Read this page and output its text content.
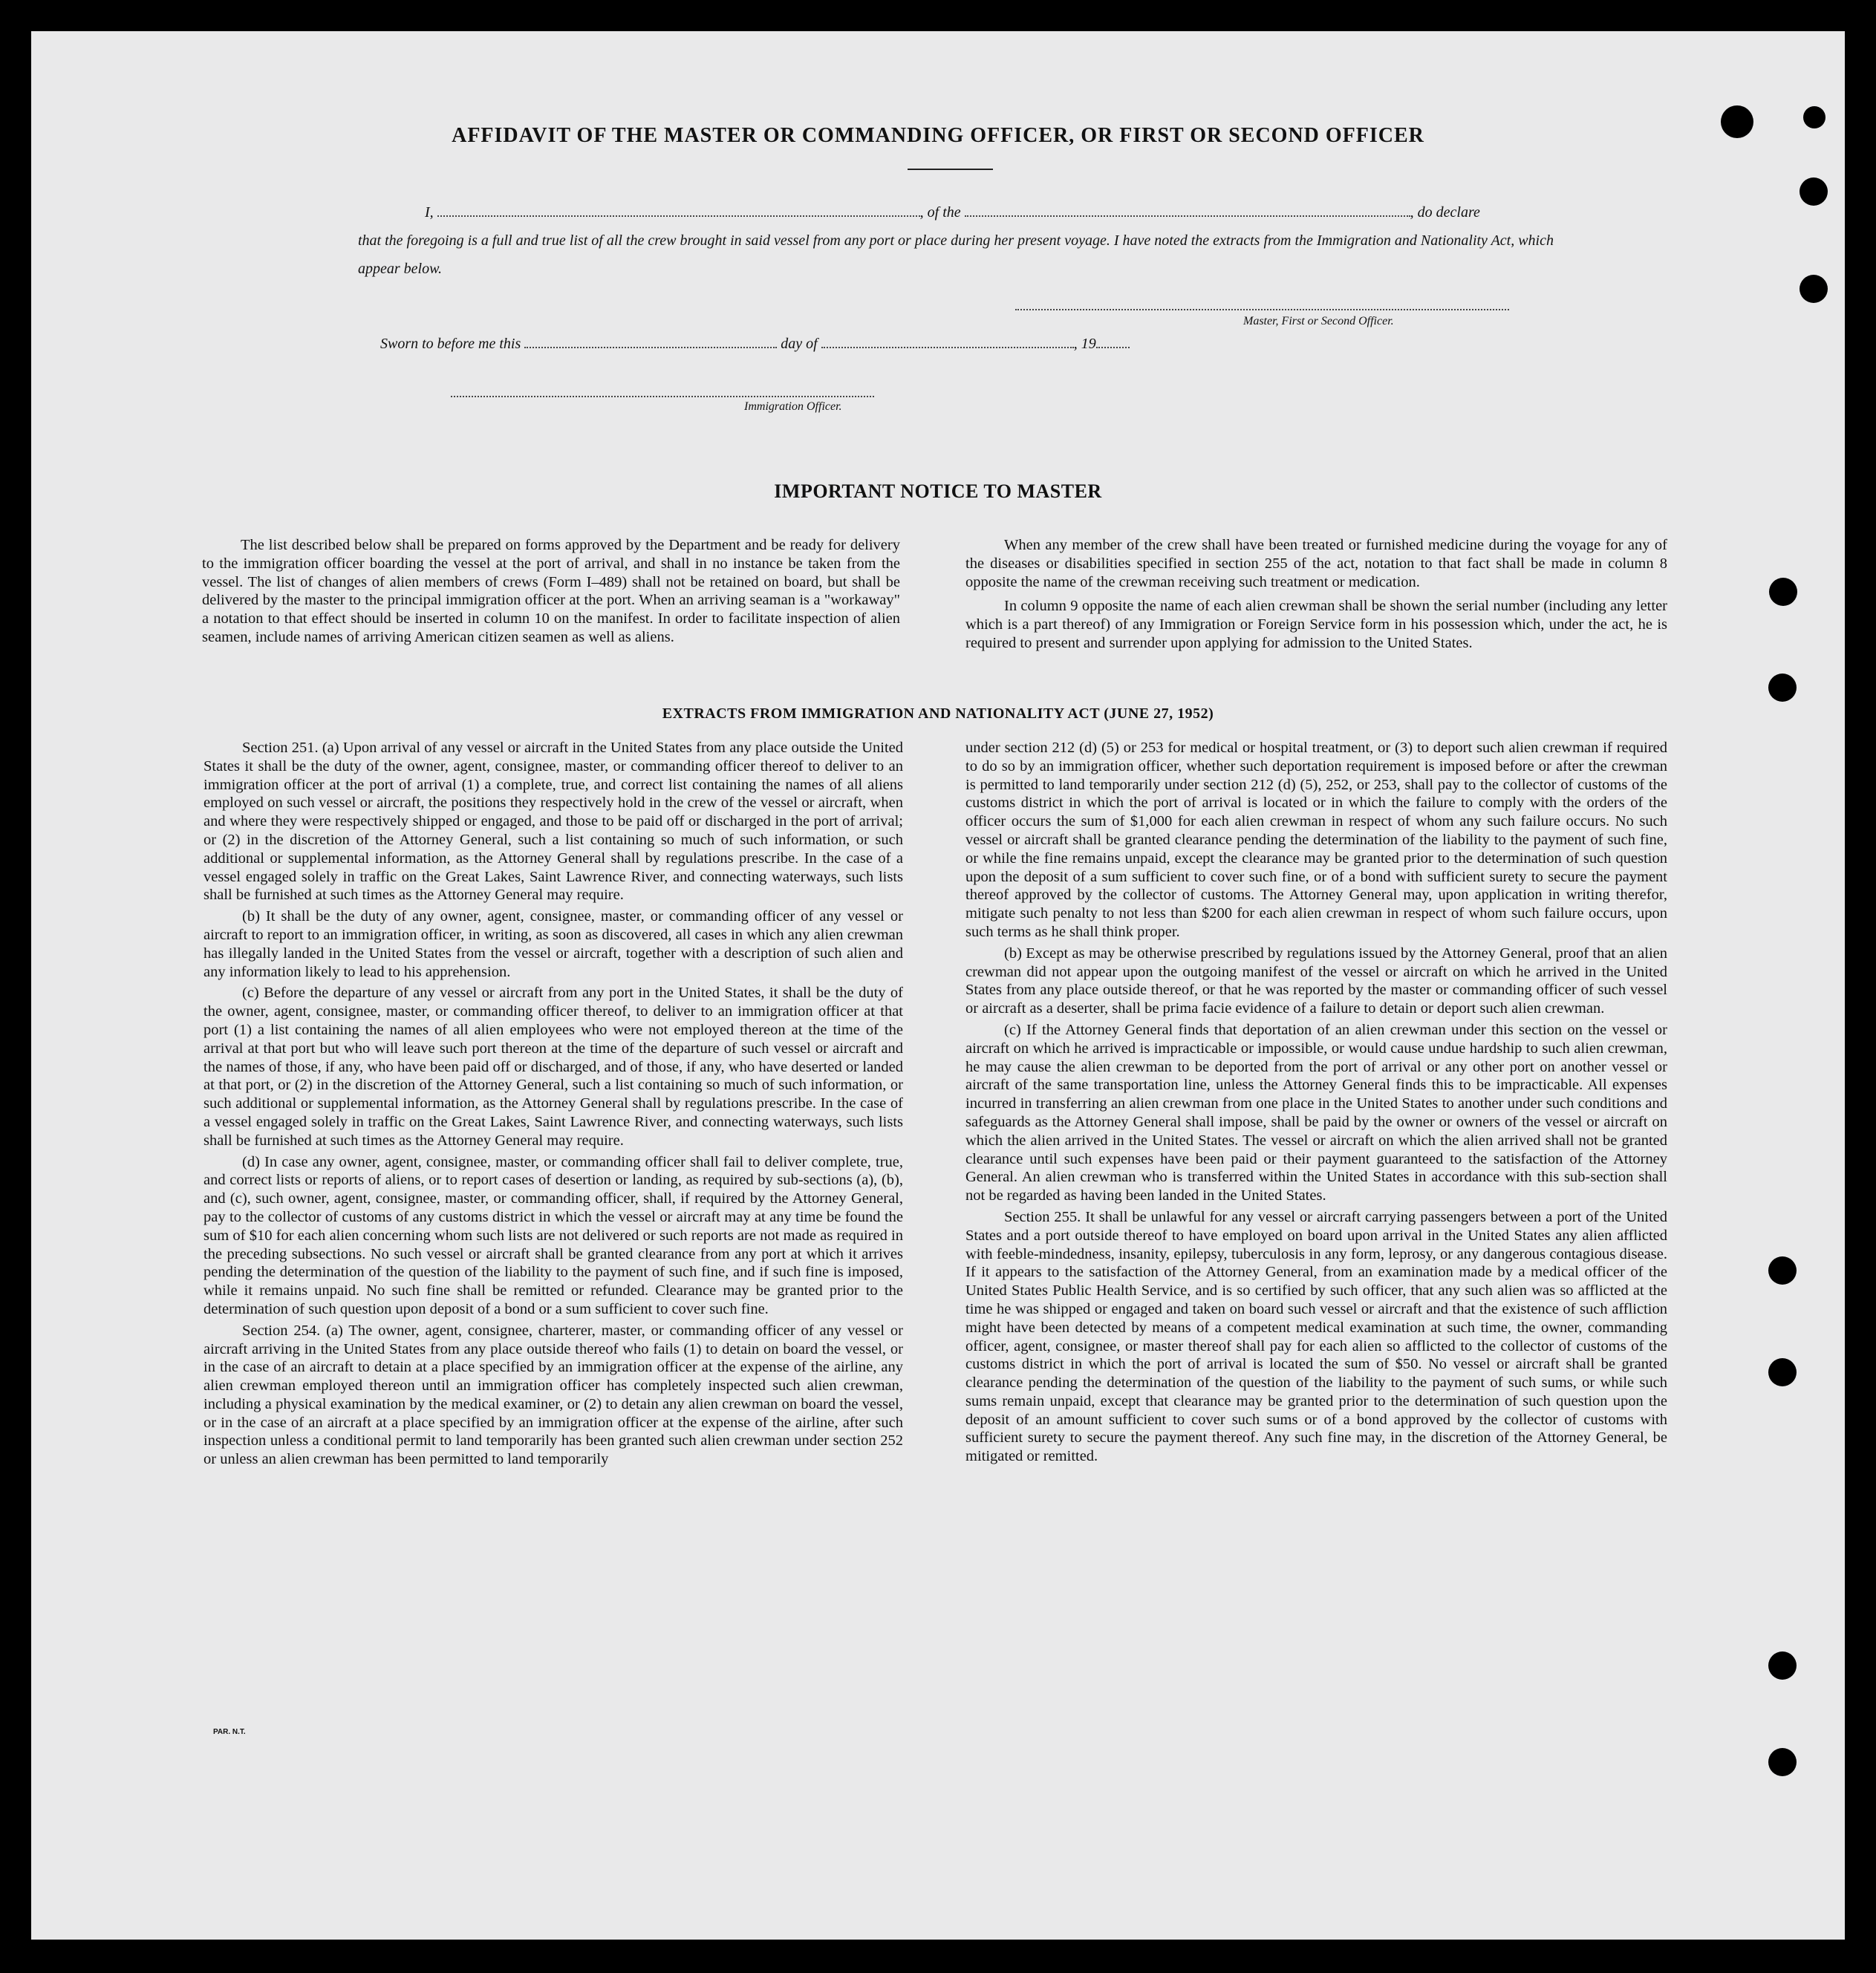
AFFIDAVIT OF THE MASTER OR COMMANDING OFFICER, OR FIRST OR SECOND OFFICER
I,	, of the	, do declare
that the foregoing is a full and true list of all the crew brought in said vessel from any port or place during her present voyage. I have noted the extracts from the Immigration and Nationality Act, which appear below.
Master, First or Second Officer.
Sworn to before me this	day of	, 19
Immigration Officer.
IMPORTANT NOTICE TO MASTER

The list described below shall be prepared on forms approved by the Department and be ready for delivery to the immigration officer boarding the vessel at the port of arrival, and shall in no instance be taken from the vessel. The list of changes of alien members of crews (Form I–489) shall not be retained on board, but shall be delivered by the master to the principal immigration officer at the port. When an arriving seaman is a "workaway" a notation to that effect should be inserted in column 10 on the manifest. In order to facilitate inspection of alien seamen, include names of arriving American citizen seamen as well as aliens.

When any member of the crew shall have been treated or furnished medicine during the voyage for any of the diseases or disabilities specified in section 255 of the act, notation to that fact shall be made in column 8 opposite the name of the crewman receiving such treatment or medication.

In column 9 opposite the name of each alien crewman shall be shown the serial number (including any letter which is a part thereof) of any Immigration or Foreign Service form in his possession which, under the act, he is required to present and surrender upon applying for admission to the United States.

EXTRACTS FROM IMMIGRATION AND NATIONALITY ACT (JUNE 27, 1952)

Section 251. (a) Upon arrival of any vessel or aircraft in the United States from any place outside the United States it shall be the duty of the owner, agent, consignee, master, or commanding officer thereof to deliver to an immigration officer at the port of arrival (1) a complete, true, and correct list containing the names of all aliens employed on such vessel or aircraft, the positions they respectively hold in the crew of the vessel or aircraft, when and where they were respectively shipped or engaged, and those to be paid off or discharged in the port of arrival; or (2) in the discretion of the Attorney General, such a list containing so much of such information, or such additional or supplemental information, as the Attorney General shall by regulations prescribe. In the case of a vessel engaged solely in traffic on the Great Lakes, Saint Lawrence River, and connecting waterways, such lists shall be furnished at such times as the Attorney General may require.

(b) It shall be the duty of any owner, agent, consignee, master, or commanding officer of any vessel or aircraft to report to an immigration officer, in writing, as soon as discovered, all cases in which any alien crewman has illegally landed in the United States from the vessel or aircraft, together with a description of such alien and any information likely to lead to his apprehension.

(c) Before the departure of any vessel or aircraft from any port in the United States, it shall be the duty of the owner, agent, consignee, master, or commanding officer thereof, to deliver to an immigration officer at that port (1) a list containing the names of all alien employees who were not employed thereon at the time of the arrival at that port but who will leave such port thereon at the time of the departure of such vessel or aircraft and the names of those, if any, who have been paid off or discharged, and of those, if any, who have deserted or landed at that port, or (2) in the discretion of the Attorney General, such a list containing so much of such information, or such additional or supplemental information, as the Attorney General shall by regulations prescribe. In the case of a vessel engaged solely in traffic on the Great Lakes, Saint Lawrence River, and connecting waterways, such lists shall be furnished at such times as the Attorney General may require.

(d) In case any owner, agent, consignee, master, or commanding officer shall fail to deliver complete, true, and correct lists or reports of aliens, or to report cases of desertion or landing, as required by sub-sections (a), (b), and (c), such owner, agent, consignee, master, or commanding officer, shall, if required by the Attorney General, pay to the collector of customs of any customs district in which the vessel or aircraft may at any time be found the sum of $10 for each alien concerning whom such lists are not delivered or such reports are not made as required in the preceding subsections. No such vessel or aircraft shall be granted clearance from any port at which it arrives pending the determination of the question of the liability to the payment of such fine, and if such fine is imposed, while it remains unpaid. No such fine shall be remitted or refunded. Clearance may be granted prior to the determination of such question upon deposit of a bond or a sum sufficient to cover such fine.

Section 254. (a) The owner, agent, consignee, charterer, master, or commanding officer of any vessel or aircraft arriving in the United States from any place outside thereof who fails (1) to detain on board the vessel, or in the case of an aircraft to detain at a place specified by an immigration officer at the expense of the airline, any alien crewman employed thereon until an immigration officer has completely inspected such alien crewman, including a physical examination by the medical examiner, or (2) to detain any alien crewman on board the vessel, or in the case of an aircraft at a place specified by an immigration officer at the expense of the airline, after such inspection unless a conditional permit to land temporarily has been granted such alien crewman under section 252 or unless an alien crewman has been permitted to land temporarily

under section 212 (d) (5) or 253 for medical or hospital treatment, or (3) to deport such alien crewman if required to do so by an immigration officer, whether such deportation requirement is imposed before or after the crewman is permitted to land temporarily under section 212 (d) (5), 252, or 253, shall pay to the collector of customs of the customs district in which the port of arrival is located or in which the failure to comply with the orders of the officer occurs the sum of $1,000 for each alien crewman in respect of whom any such failure occurs. No such vessel or aircraft shall be granted clearance pending the determination of the liability to the payment of such fine, or while the fine remains unpaid, except the clearance may be granted prior to the determination of such question upon the deposit of a sum sufficient to cover such fine, or of a bond with sufficient surety to secure the payment thereof approved by the collector of customs. The Attorney General may, upon application in writing therefor, mitigate such penalty to not less than $200 for each alien crewman in respect of whom such failure occurs, upon such terms as he shall think proper.

(b) Except as may be otherwise prescribed by regulations issued by the Attorney General, proof that an alien crewman did not appear upon the outgoing manifest of the vessel or aircraft on which he arrived in the United States from any place outside thereof, or that he was reported by the master or commanding officer of such vessel or aircraft as a deserter, shall be prima facie evidence of a failure to detain or deport such alien crewman.

(c) If the Attorney General finds that deportation of an alien crewman under this section on the vessel or aircraft on which he arrived is impracticable or impossible, or would cause undue hardship to such alien crewman, he may cause the alien crewman to be deported from the port of arrival or any other port on another vessel or aircraft of the same transportation line, unless the Attorney General finds this to be impracticable. All expenses incurred in transferring an alien crewman from one place in the United States to another under such conditions and safeguards as the Attorney General shall impose, shall be paid by the owner or owners of the vessel or aircraft on which the alien arrived in the United States. The vessel or aircraft on which the alien arrived shall not be granted clearance until such expenses have been paid or their payment guaranteed to the satisfaction of the Attorney General. An alien crewman who is transferred within the United States in accordance with this sub-section shall not be regarded as having been landed in the United States.

Section 255. It shall be unlawful for any vessel or aircraft carrying passengers between a port of the United States and a port outside thereof to have employed on board upon arrival in the United States any alien afflicted with feeble-mindedness, insanity, epilepsy, tuberculosis in any form, leprosy, or any dangerous contagious disease. If it appears to the satisfaction of the Attorney General, from an examination made by a medical officer of the United States Public Health Service, and is so certified by such officer, that any such alien was so afflicted at the time he was shipped or engaged and taken on board such vessel or aircraft and that the existence of such affliction might have been detected by means of a competent medical examination at such time, the owner, commanding officer, agent, consignee, or master thereof shall pay for each alien so afflicted to the collector of customs of the customs district in which the port of arrival is located the sum of $50. No vessel or aircraft shall be granted clearance pending the determination of the question of the liability to the payment of such sums, or while such sums remain unpaid, except that clearance may be granted prior to the determination of such question upon the deposit of an amount sufficient to cover such sums or of a bond approved by the collector of customs with sufficient surety to secure the payment thereof. Any such fine may, in the discretion of the Attorney General, be mitigated or remitted.

PAR. N.T.
